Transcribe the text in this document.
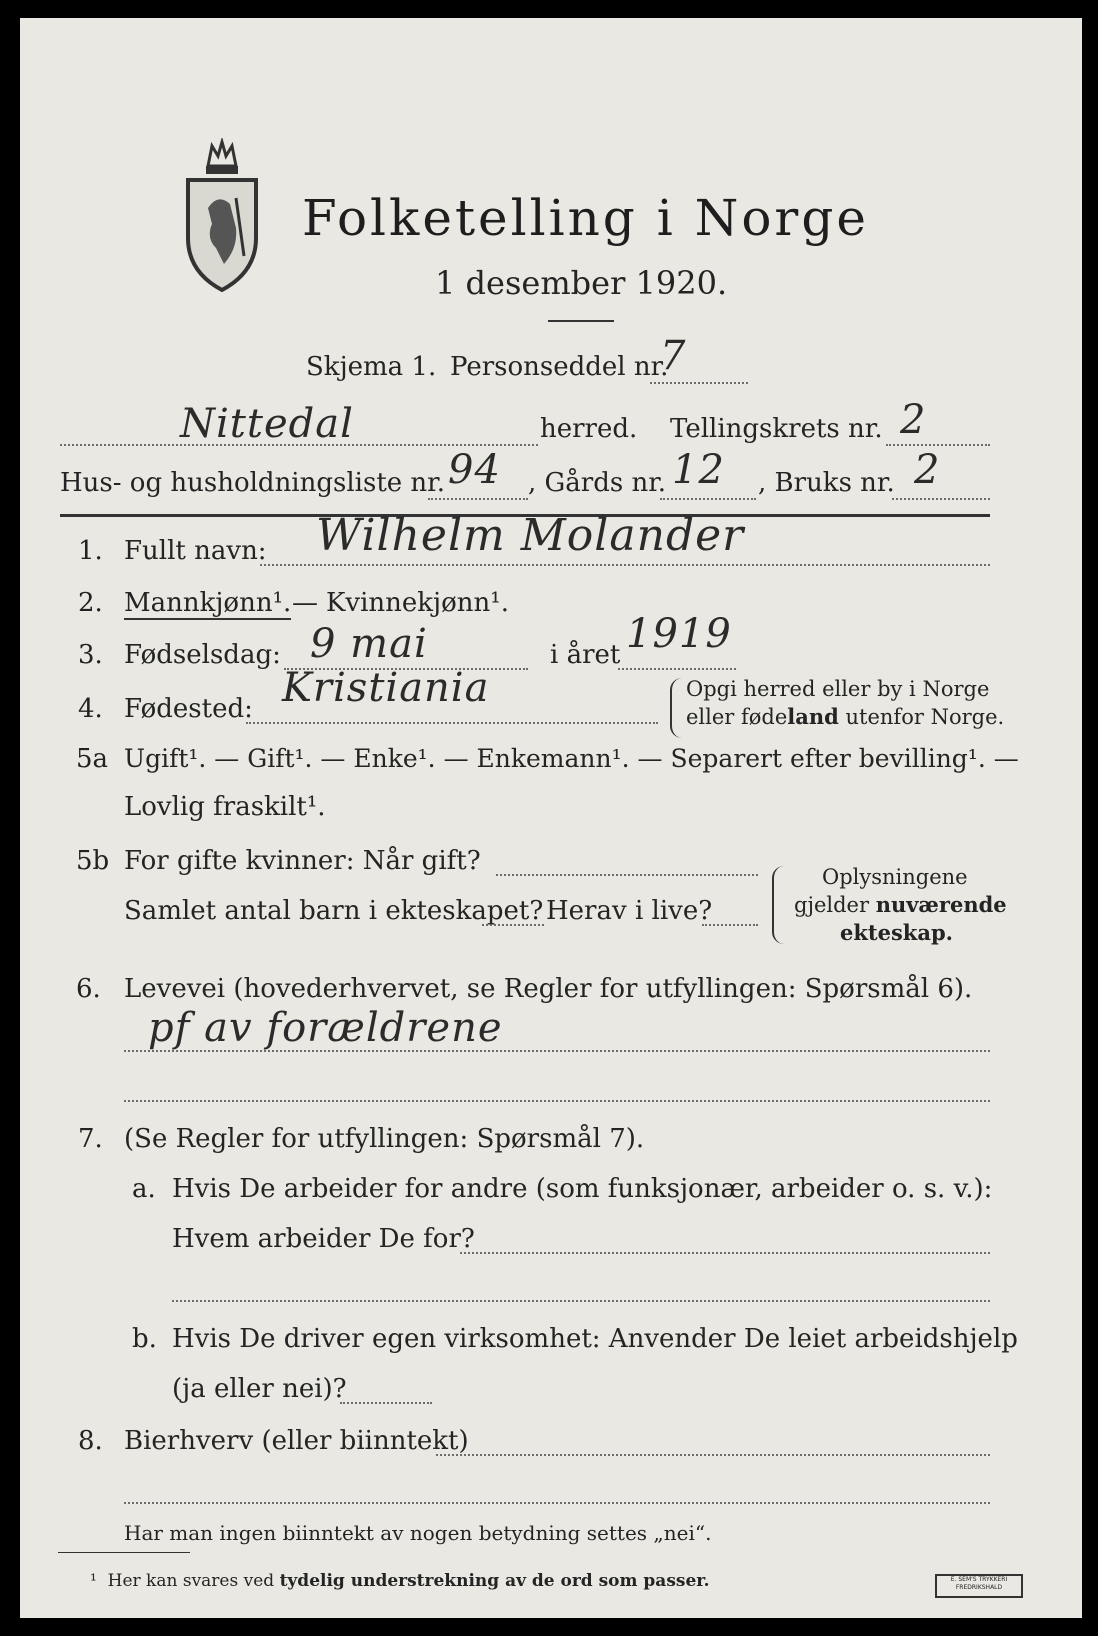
Folketelling i Norge
1 desember 1920.
Skjema 1. Personseddel nr.
7
Nittedal	herred. Tellingskrets nr. 2
Hus- og husholdningsliste nr. 94 , Gårds nr. 12 , Bruks nr. 2
1. Fullt navn: Wilhelm Molander
2. Mannkjønn¹. — Kvinnekjønn¹.
3. Fødselsdag: 9 mai	i året 1919
4. Fødested: Kristiania	Opgi herred eller by i Norge
eller fødeland utenfor Norge.
5a Ugift¹. — Gift¹. — Enke¹. — Enkemann¹. — Separert efter bevilling¹. —
Lovlig fraskilt¹.
5b For gifte kvinner: Når gift?
Samlet antal barn i ekteskapet? Herav i live?
Oplysningene
gjelder nuværende
ekteskap.
6. Levevei (hovederhvervet, se Regler for utfyllingen: Spørsmål 6).
pf av forældrene
7. (Se Regler for utfyllingen: Spørsmål 7).
a. Hvis De arbeider for andre (som funksjonær, arbeider o. s. v.):
Hvem arbeider De for?
b. Hvis De driver egen virksomhet: Anvender De leiet arbeidshjelp
(ja eller nei)?
8. Bierhverv (eller biinntekt)
Har man ingen biinntekt av nogen betydning settes „nei“.
¹ Her kan svares ved tydelig understrekning av de ord som passer.	E. SEM'S TRYKKERI
FREDRIKSHALD
